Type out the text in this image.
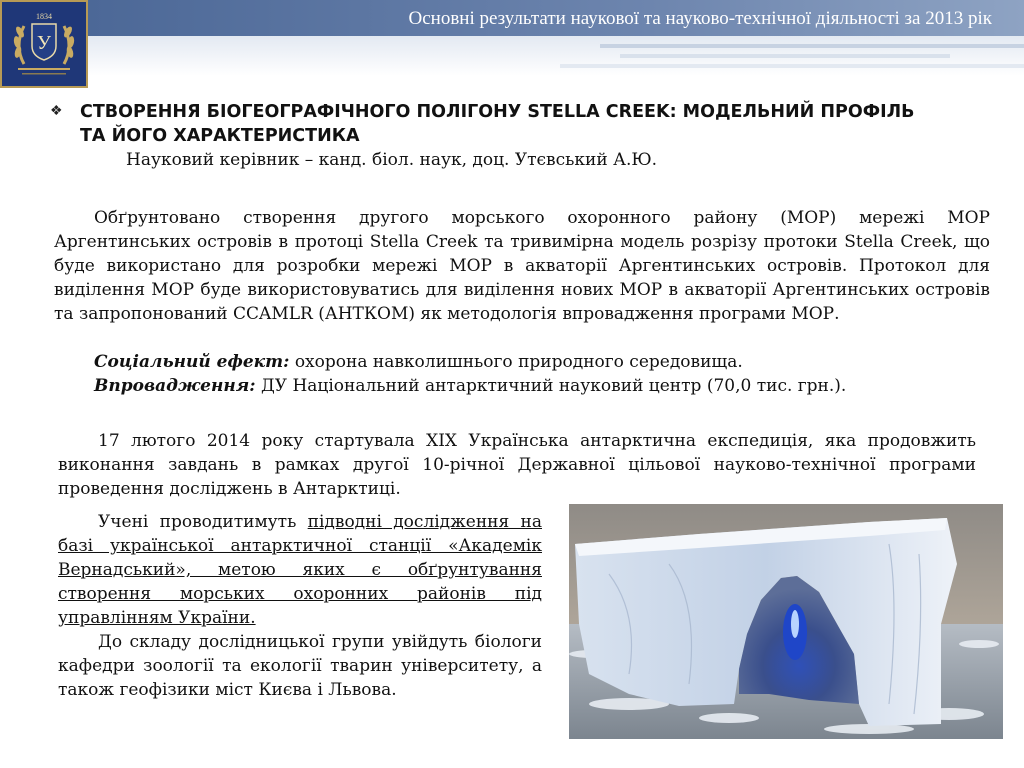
Основні результати наукової та науково-технічної діяльності за 2013 рік
У
1834
❖ СТВОРЕННЯ БІОГЕОГРАФІЧНОГО ПОЛІГОНУ STELLA CREEK: МОДЕЛЬНИЙ ПРОФІЛЬ ТА ЙОГО ХАРАКТЕРИСТИКА
Науковий керівник – канд. біол. наук, доц. Утєвський А.Ю.

Обґрунтовано створення другого морського охоронного району (МОР) мережі МОР Аргентинських островів в протоці Stella Creek та тривимірна модель розрізу протоки Stella Creek, що буде використано для розробки мережі МОР в акваторії Аргентинських островів. Протокол для виділення МОР буде використовуватись для виділення нових МОР в акваторії Аргентинських островів та запропонований CCAMLR (АНТКОМ) як методологія впровадження програми МОР.

Соціальний ефект: охорона навколишнього природного середовища.
Впровадження: ДУ Національний антарктичний науковий центр (70,0 тис. грн.).

17 лютого 2014 року стартувала XIX Українська антарктична експедиція, яка продовжить виконання завдань в рамках другої 10-річної Державної цільової науково-технічної програми проведення досліджень в Антарктиці.

Учені проводитимуть підводні дослідження на базі української антарктичної станції «Академік Вернадський», метою яких є обґрунтування створення морських охоронних районів під управлінням України.

До складу дослідницької групи увійдуть біологи кафедри зоології та екології тварин університету, а також геофізики міст Києва і Львова.
